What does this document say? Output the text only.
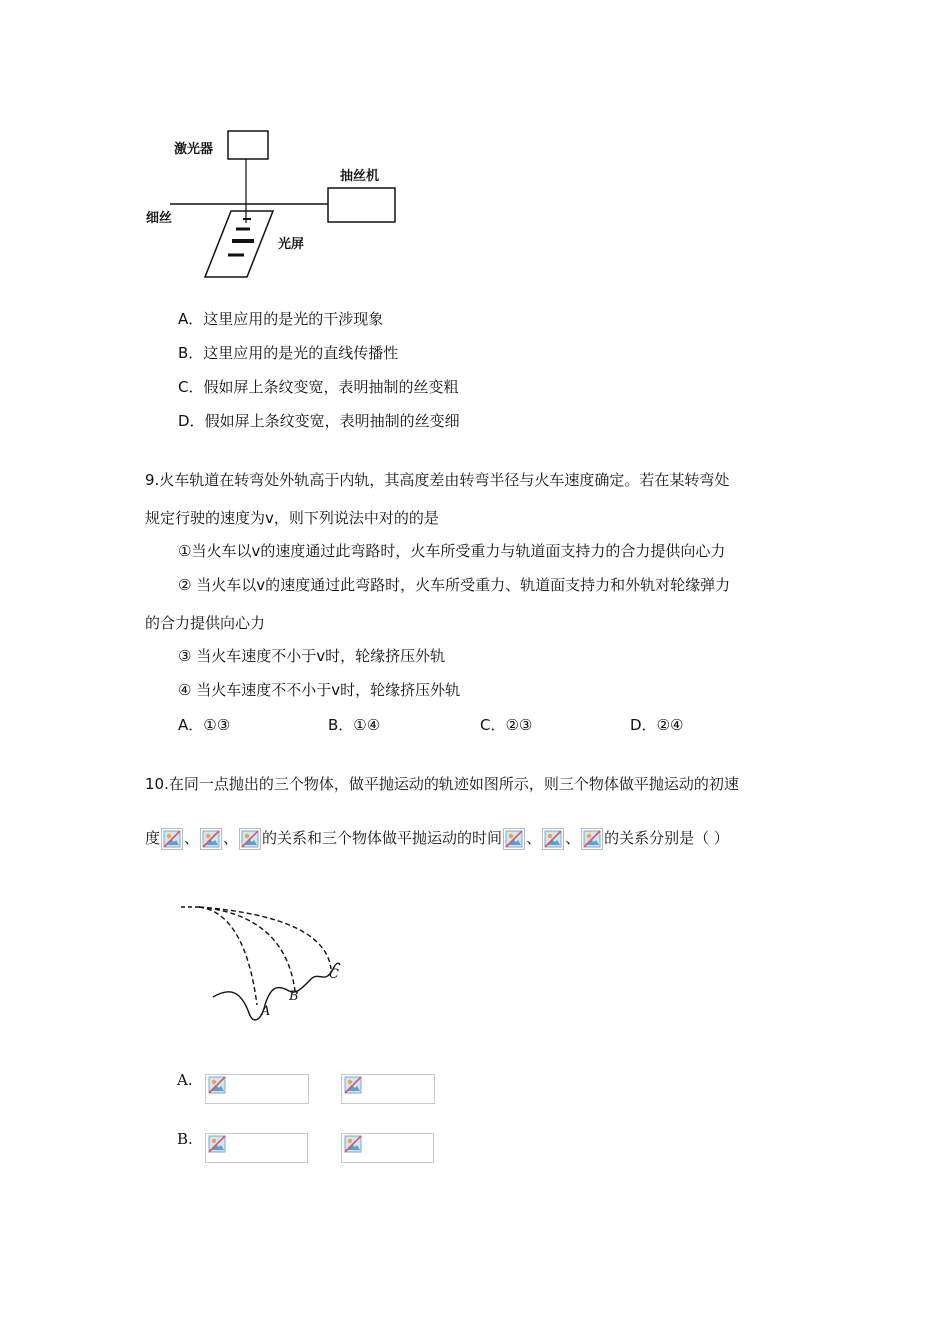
激光器
抽丝机
细丝
光屏
A．这里应用的是光的干涉现象
B．这里应用的是光的直线传播性
C．假如屏上条纹变宽，表明抽制的丝变粗
D．假如屏上条纹变宽，表明抽制的丝变细
9.火车轨道在转弯处外轨高于内轨，其高度差由转弯半径与火车速度确定。若在某转弯处
规定行驶的速度为v，则下列说法中对的的是
①当火车以v的速度通过此弯路时，火车所受重力与轨道面支持力的合力提供向心力
② 当火车以v的速度通过此弯路时，火车所受重力、轨道面支持力和外轨对轮缘弹力
的合力提供向心力
③ 当火车速度不小于v时，轮缘挤压外轨
④ 当火车速度不不小于v时，轮缘挤压外轨
A．①③	B．①④	C．②③	D．②④
10.在同一点抛出的三个物体，做平抛运动的轨迹如图所示，则三个物体做平抛运动的初速
度 、 、 的关系和三个物体做平抛运动的时间 、 、 的关系分别是（ ）
A
B
C
A.
B.
